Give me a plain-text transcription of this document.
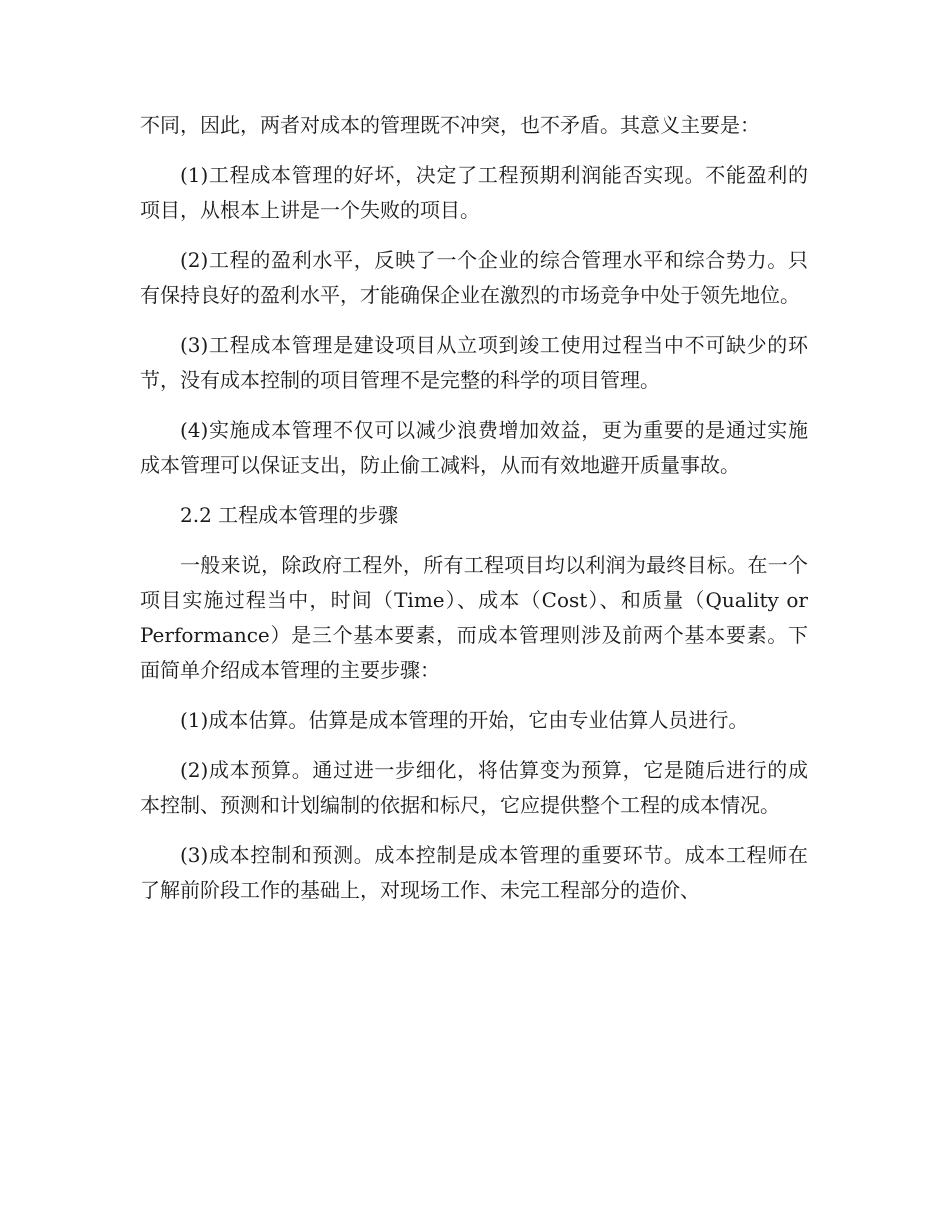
不同，因此，两者对成本的管理既不冲突，也不矛盾。其意义主要是：

(1)工程成本管理的好坏，决定了工程预期利润能否实现。不能盈利的项目，从根本上讲是一个失败的项目。

(2)工程的盈利水平，反映了一个企业的综合管理水平和综合势力。只有保持良好的盈利水平，才能确保企业在激烈的市场竞争中处于领先地位。

(3)工程成本管理是建设项目从立项到竣工使用过程当中不可缺少的环节，没有成本控制的项目管理不是完整的科学的项目管理。

(4)实施成本管理不仅可以减少浪费增加效益，更为重要的是通过实施成本管理可以保证支出，防止偷工减料，从而有效地避开质量事故。

2.2 工程成本管理的步骤

一般来说，除政府工程外，所有工程项目均以利润为最终目标。在一个项目实施过程当中，时间（Time）、成本（Cost）、和质量（Quality or Performance）是三个基本要素，而成本管理则涉及前两个基本要素。下面简单介绍成本管理的主要步骤：

(1)成本估算。估算是成本管理的开始，它由专业估算人员进行。

(2)成本预算。通过进一步细化，将估算变为预算，它是随后进行的成本控制、预测和计划编制的依据和标尺，它应提供整个工程的成本情况。

(3)成本控制和预测。成本控制是成本管理的重要环节。成本工程师在了解前阶段工作的基础上，对现场工作、未完工程部分的造价、
